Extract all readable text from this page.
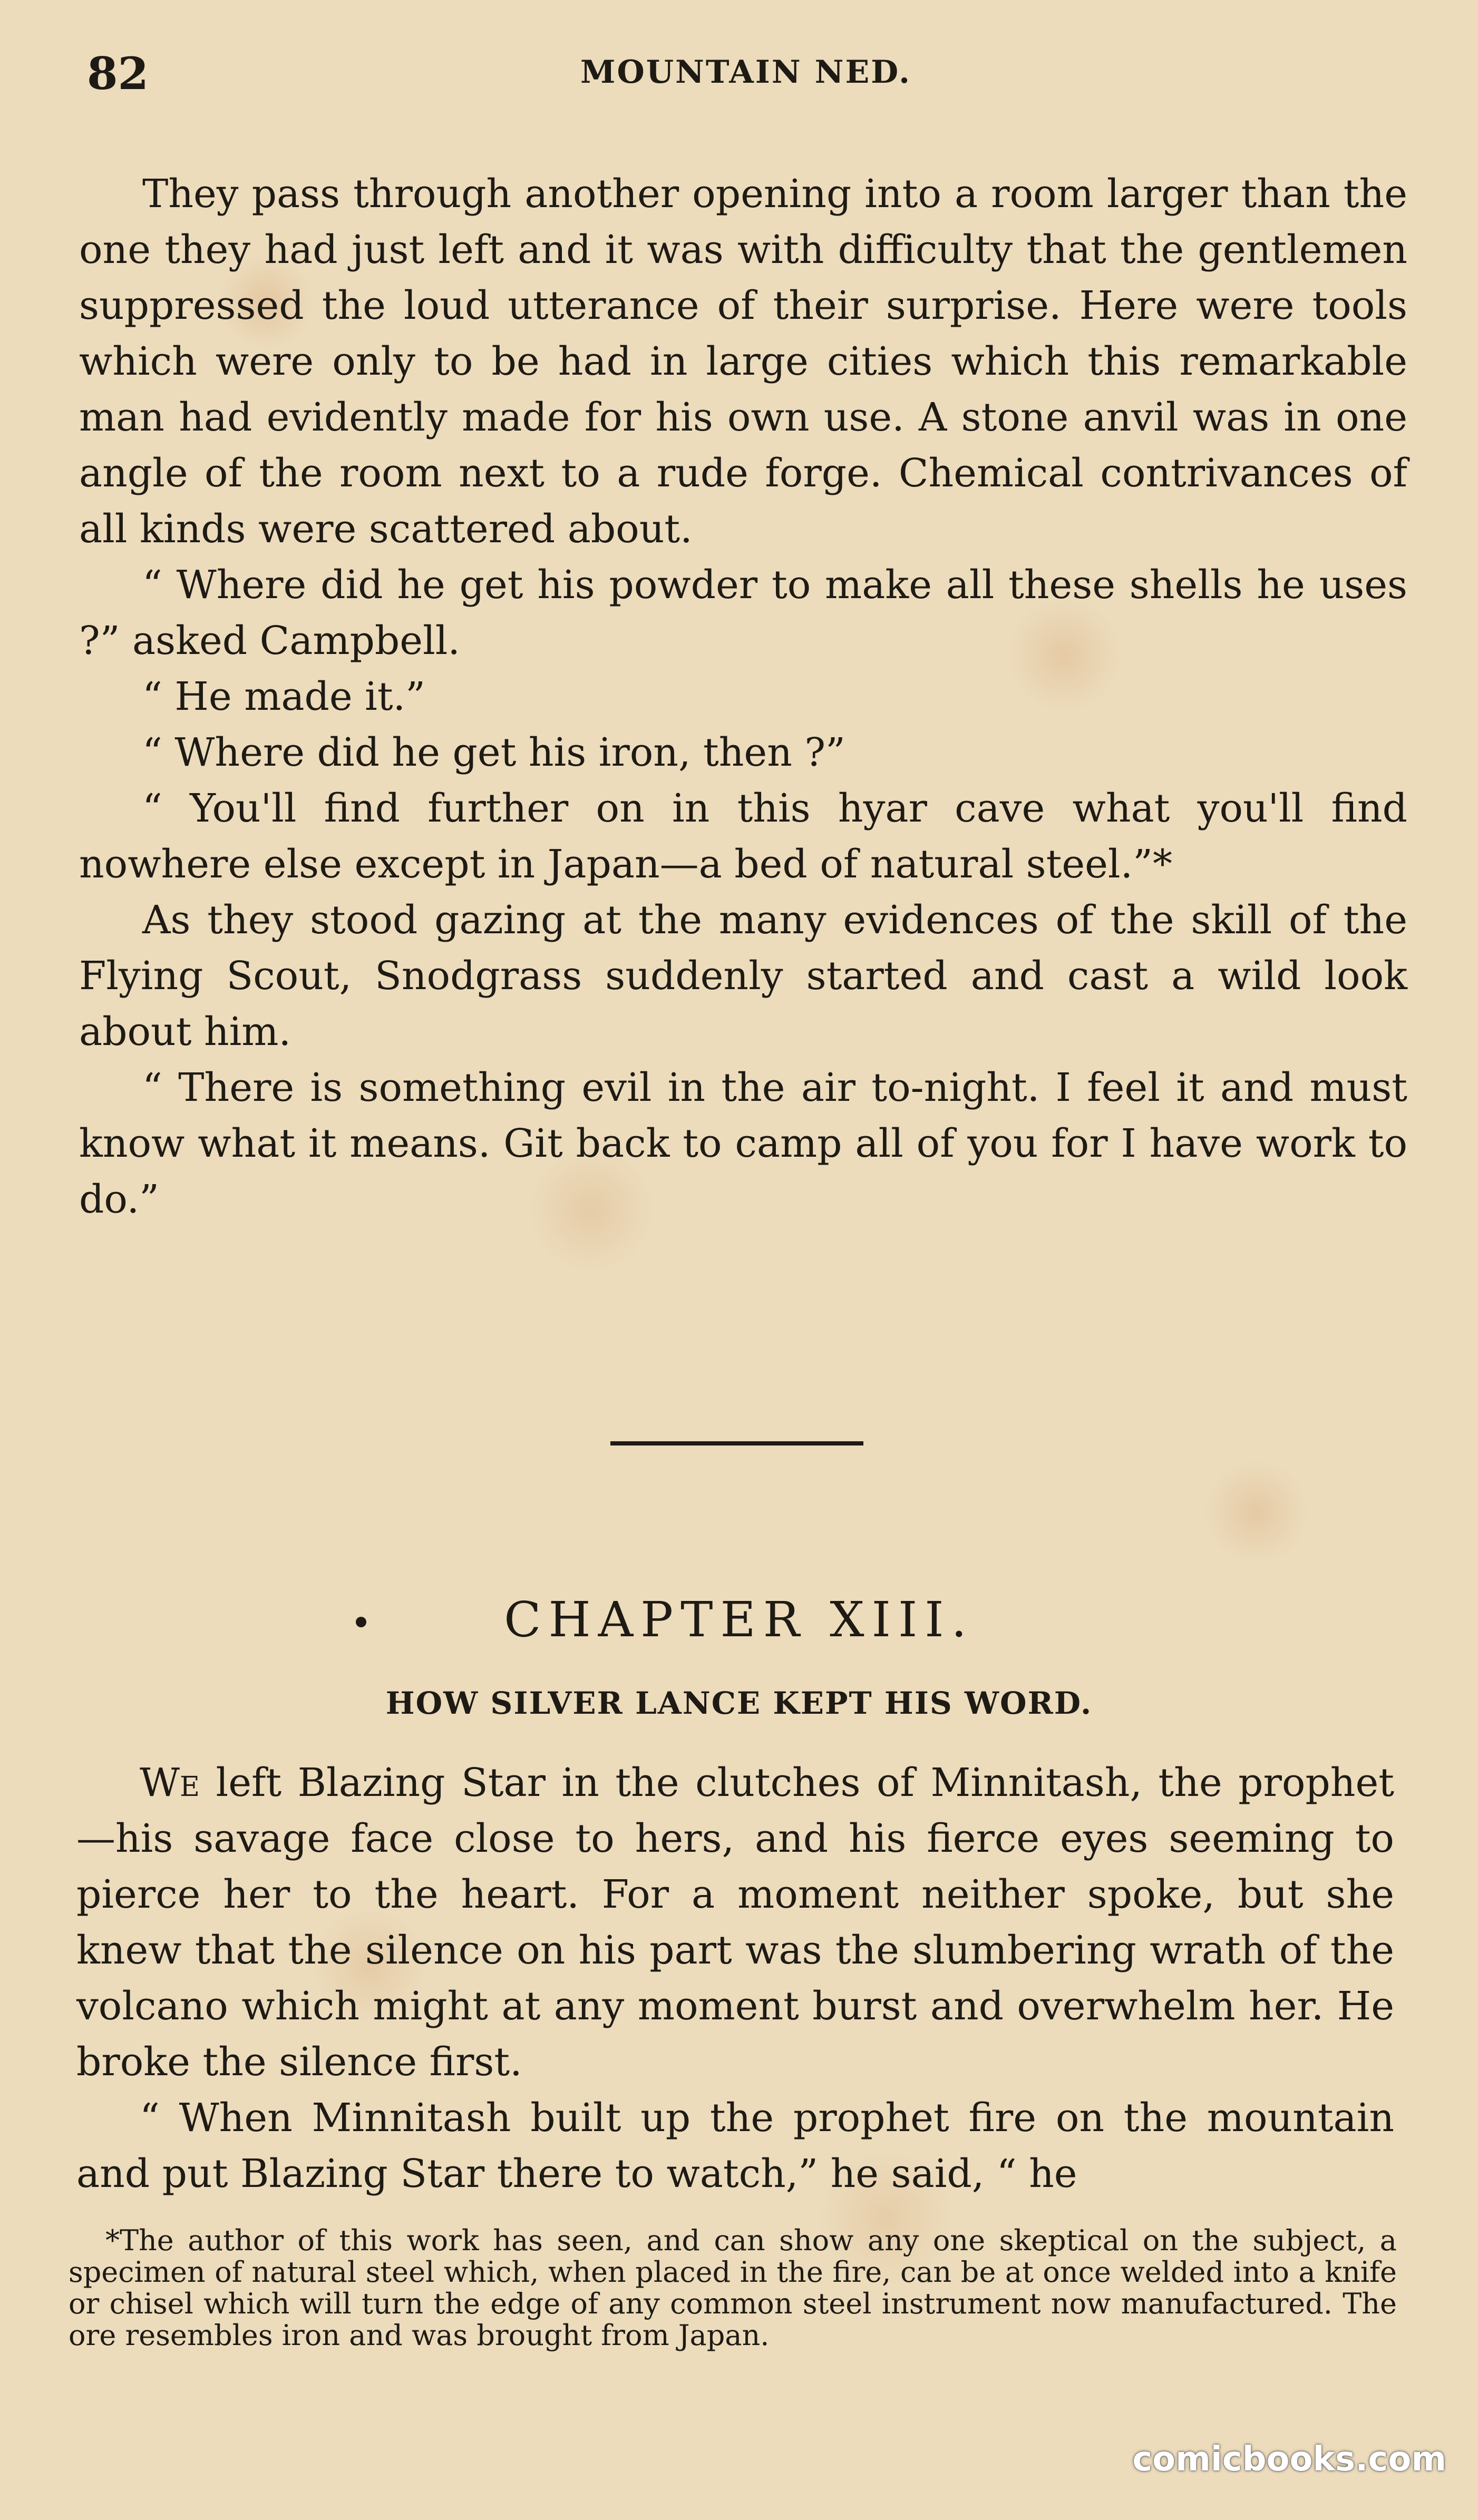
82	MOUNTAIN NED.

They pass through another opening into a room larger than the one they had just left and it was with difficulty that the gentlemen suppressed the loud utterance of their surprise. Here were tools which were only to be had in large cities which this remarkable man had evidently made for his own use. A stone anvil was in one angle of the room next to a rude forge. Chemical contrivances of all kinds were scattered about.

“ Where did he get his powder to make all these shells he uses ?” asked Campbell.

“ He made it.”

“ Where did he get his iron, then ?”

“ You'll find further on in this hyar cave what you'll find nowhere else except in Japan—a bed of natural steel.”*

As they stood gazing at the many evidences of the skill of the Flying Scout, Snodgrass suddenly started and cast a wild look about him.

“ There is something evil in the air to-night. I feel it and must know what it means. Git back to camp all of you for I have work to do.”

CHAPTER XIII.
HOW SILVER LANCE KEPT HIS WORD.

We left Blazing Star in the clutches of Minnitash, the prophet—his savage face close to hers, and his fierce eyes seeming to pierce her to the heart. For a moment neither spoke, but she knew that the silence on his part was the slumbering wrath of the volcano which might at any moment burst and overwhelm her. He broke the silence first.

“ When Minnitash built up the prophet fire on the mountain and put Blazing Star there to watch,” he said, “ he

*The author of this work has seen, and can show any one skeptical on the subject, a specimen of natural steel which, when placed in the fire, can be at once welded into a knife or chisel which will turn the edge of any common steel instrument now manufactured. The ore resembles iron and was brought from Japan.
comicbooks.com
